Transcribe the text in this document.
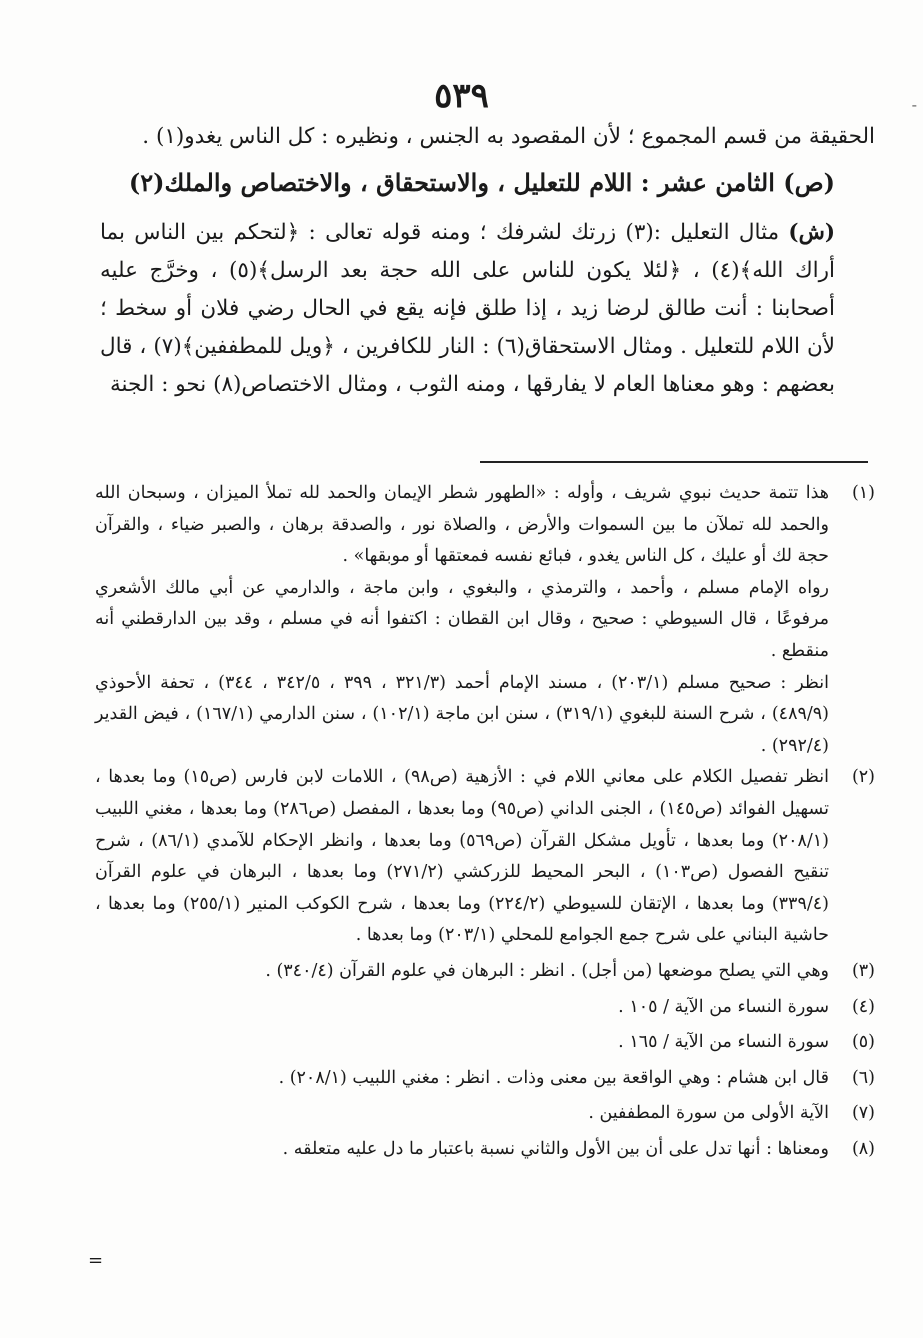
-
٥٣٩

الحقيقة من قسم المجموع ؛ لأن المقصود به الجنس ، ونظيره : كل الناس يغدو(١) .

(ص) الثامن عشر : اللام للتعليل ، والاستحقاق ، والاختصاص والملك(٢)

(ش) مثال التعليل :(٣) زرتك لشرفك ؛ ومنه قوله تعالى : ﴿لتحكم بين الناس بما أراك الله﴾(٤) ، ﴿لئلا يكون للناس على الله حجة بعد الرسل﴾(٥) ، وخرَّج عليه أصحابنا : أنت طالق لرضا زيد ، إذا طلق فإنه يقع في الحال رضي فلان أو سخط ؛ لأن اللام للتعليل . ومثال الاستحقاق(٦) : النار للكافرين ، ﴿ويل للمطففين﴾(٧) ، قال بعضهم : وهو معناها العام لا يفارقها ، ومنه الثوب ، ومثال الاختصاص(٨) نحو : الجنة

(١)

هذا تتمة حديث نبوي شريف ، وأوله : «الطهور شطر الإيمان والحمد لله تملأ الميزان ، وسبحان الله والحمد لله تملآن ما بين السموات والأرض ، والصلاة نور ، والصدقة برهان ، والصبر ضياء ، والقرآن حجة لك أو عليك ، كل الناس يغدو ، فبائع نفسه فمعتقها أو موبقها» .

رواه الإمام مسلم ، وأحمد ، والترمذي ، والبغوي ، وابن ماجة ، والدارمي عن أبي مالك الأشعري مرفوعًا ، قال السيوطي : صحيح ، وقال ابن القطان : اكتفوا أنه في مسلم ، وقد بين الدارقطني أنه منقطع .

انظر : صحيح مسلم (٢٠٣/١) ، مسند الإمام أحمد (٣٢١/٣ ، ٣٩٩ ، ٣٤٢/٥ ، ٣٤٤) ، تحفة الأحوذي (٤٨٩/٩) ، شرح السنة للبغوي (٣١٩/١) ، سنن ابن ماجة (١٠٢/١) ، سنن الدارمي (١٦٧/١) ، فيض القدير (٢٩٢/٤) .

(٢)

انظر تفصيل الكلام على معاني اللام في : الأزهية (ص٩٨) ، اللامات لابن فارس (ص١٥) وما بعدها ، تسهيل الفوائد (ص١٤٥) ، الجنى الداني (ص٩٥) وما بعدها ، المفصل (ص٢٨٦) وما بعدها ، مغني اللبيب (٢٠٨/١) وما بعدها ، تأويل مشكل القرآن (ص٥٦٩) وما بعدها ، وانظر الإحكام للآمدي (٨٦/١) ، شرح تنقيح الفصول (ص١٠٣) ، البحر المحيط للزركشي (٢٧١/٢) وما بعدها ، البرهان في علوم القرآن (٣٣٩/٤) وما بعدها ، الإتقان للسيوطي (٢٢٤/٢) وما بعدها ، شرح الكوكب المنير (٢٥٥/١) وما بعدها ، حاشية البناني على شرح جمع الجوامع للمحلي (٢٠٣/١) وما بعدها .

(٣)

وهي التي يصلح موضعها (من أجل) . انظر : البرهان في علوم القرآن (٣٤٠/٤) .

(٤)

سورة النساء من الآية / ١٠٥ .

(٥)

سورة النساء من الآية / ١٦٥ .

(٦)

قال ابن هشام : وهي الواقعة بين معنى وذات . انظر : مغني اللبيب (٢٠٨/١) .

(٧)

الآية الأولى من سورة المطففين .

(٨)

ومعناها : أنها تدل على أن بين الأول والثاني نسبة باعتبار ما دل عليه متعلقه .

=
